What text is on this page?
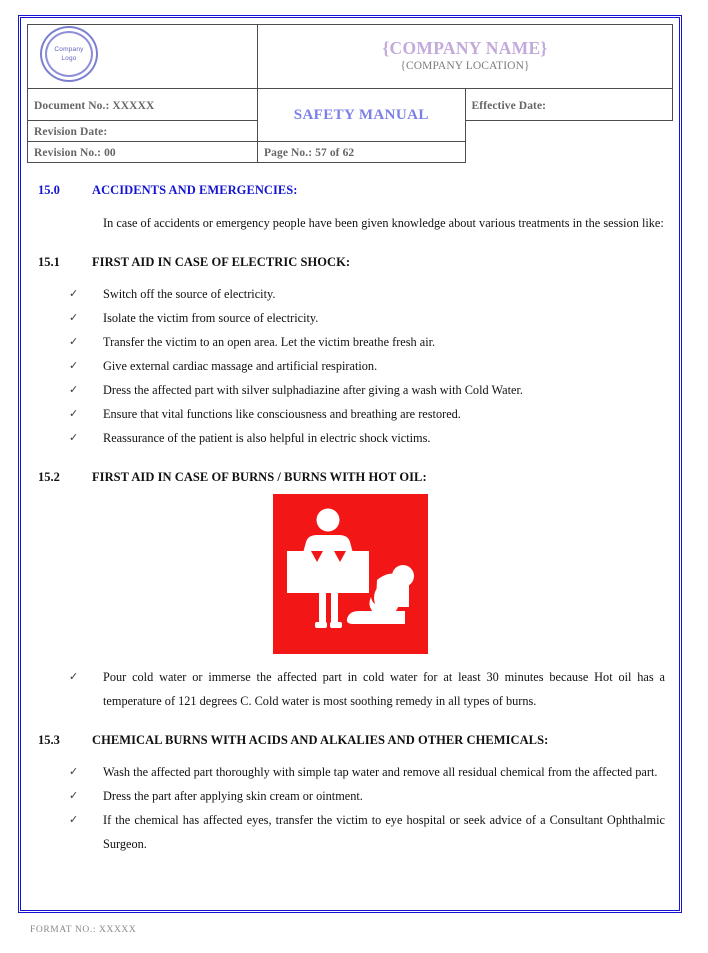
Company
Logo

{COMPANY NAME}
{COMPANY LOCATION}

Document No.: XXXXX	SAFETY MANUAL	Effective Date:
Revision Date:		
Revision No.: 00	Page No.: 57 of 62	
15.0	ACCIDENTS AND EMERGENCIES:
In case of accidents or emergency people have been given knowledge about various treatments in the session like:
15.1	FIRST AID IN CASE OF ELECTRIC SHOCK:
✓ Switch off the source of electricity.
✓ Isolate the victim from source of electricity.
✓ Transfer the victim to an open area. Let the victim breathe fresh air.
✓ Give external cardiac massage and artificial respiration.
✓ Dress the affected part with silver sulphadiazine after giving a wash with Cold Water.
✓ Ensure that vital functions like consciousness and breathing are restored.
✓ Reassurance of the patient is also helpful in electric shock victims.
15.2	FIRST AID IN CASE OF BURNS / BURNS WITH HOT OIL:
✓ Pour cold water or immerse the affected part in cold water for at least 30 minutes because Hot oil has a temperature of 121 degrees C. Cold water is most soothing remedy in all types of burns.
15.3	CHEMICAL BURNS WITH ACIDS AND ALKALIES AND OTHER CHEMICALS:
✓ Wash the affected part thoroughly with simple tap water and remove all residual chemical from the affected part.
✓ Dress the part after applying skin cream or ointment.
✓ If the chemical has affected eyes, transfer the victim to eye hospital or seek advice of a Consultant Ophthalmic Surgeon.
FORMAT NO.: XXXXX
